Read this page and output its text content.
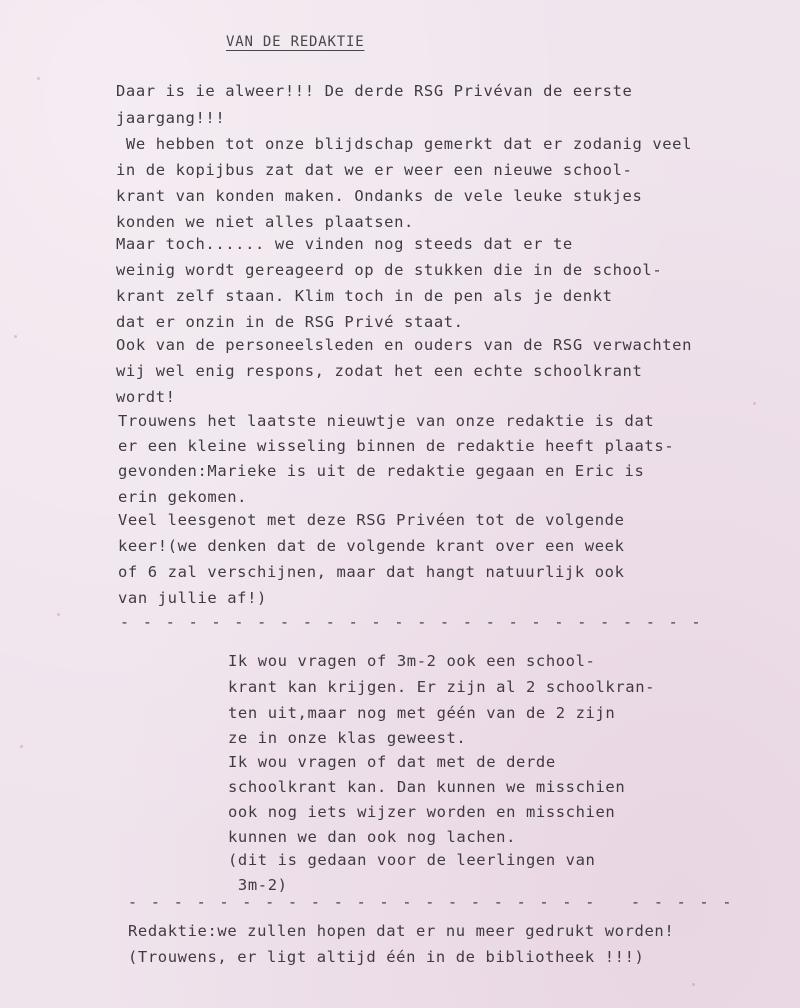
VAN DE REDAKTIE
Daar is ie alweer!!! De derde RSG Privévan de eerste
jaargang!!!
We hebben tot onze blijdschap gemerkt dat er zodanig veel
in de kopijbus zat dat we er weer een nieuwe school-
krant van konden maken. Ondanks de vele leuke stukjes
konden we niet alles plaatsen.
Maar toch...... we vinden nog steeds dat er te
weinig wordt gereageerd op de stukken die in de school-
krant zelf staan. Klim toch in de pen als je denkt
dat er onzin in de RSG Privé staat.
Ook van de personeelsleden en ouders van de RSG verwachten
wij wel enig respons, zodat het een echte schoolkrant
wordt!
Trouwens het laatste nieuwtje van onze redaktie is dat
er een kleine wisseling binnen de redaktie heeft plaats-
gevonden:Marieke is uit de redaktie gegaan en Eric is
erin gekomen.
Veel leesgenot met deze RSG Privéen tot de volgende
keer!(we denken dat de volgende krant over een week
of 6 zal verschijnen, maar dat hangt natuurlijk ook
van jullie af!)
- - - - - - - - - - - - - - - - - - - - - - - - - -
Ik wou vragen of 3m-2 ook een school-
krant kan krijgen. Er zijn al 2 schoolkran-
ten uit,maar nog met géén van de 2 zijn
ze in onze klas geweest.
Ik wou vragen of dat met de derde
schoolkrant kan. Dan kunnen we misschien
ook nog iets wijzer worden en misschien
kunnen we dan ook nog lachen.
(dit is gedaan voor de leerlingen van
3m-2)
- - - - - - - - - - - - - - - - - - - - -   - - - - -
Redaktie:we zullen hopen dat er nu meer gedrukt worden!
(Trouwens, er ligt altijd één in de bibliotheek !!!)
